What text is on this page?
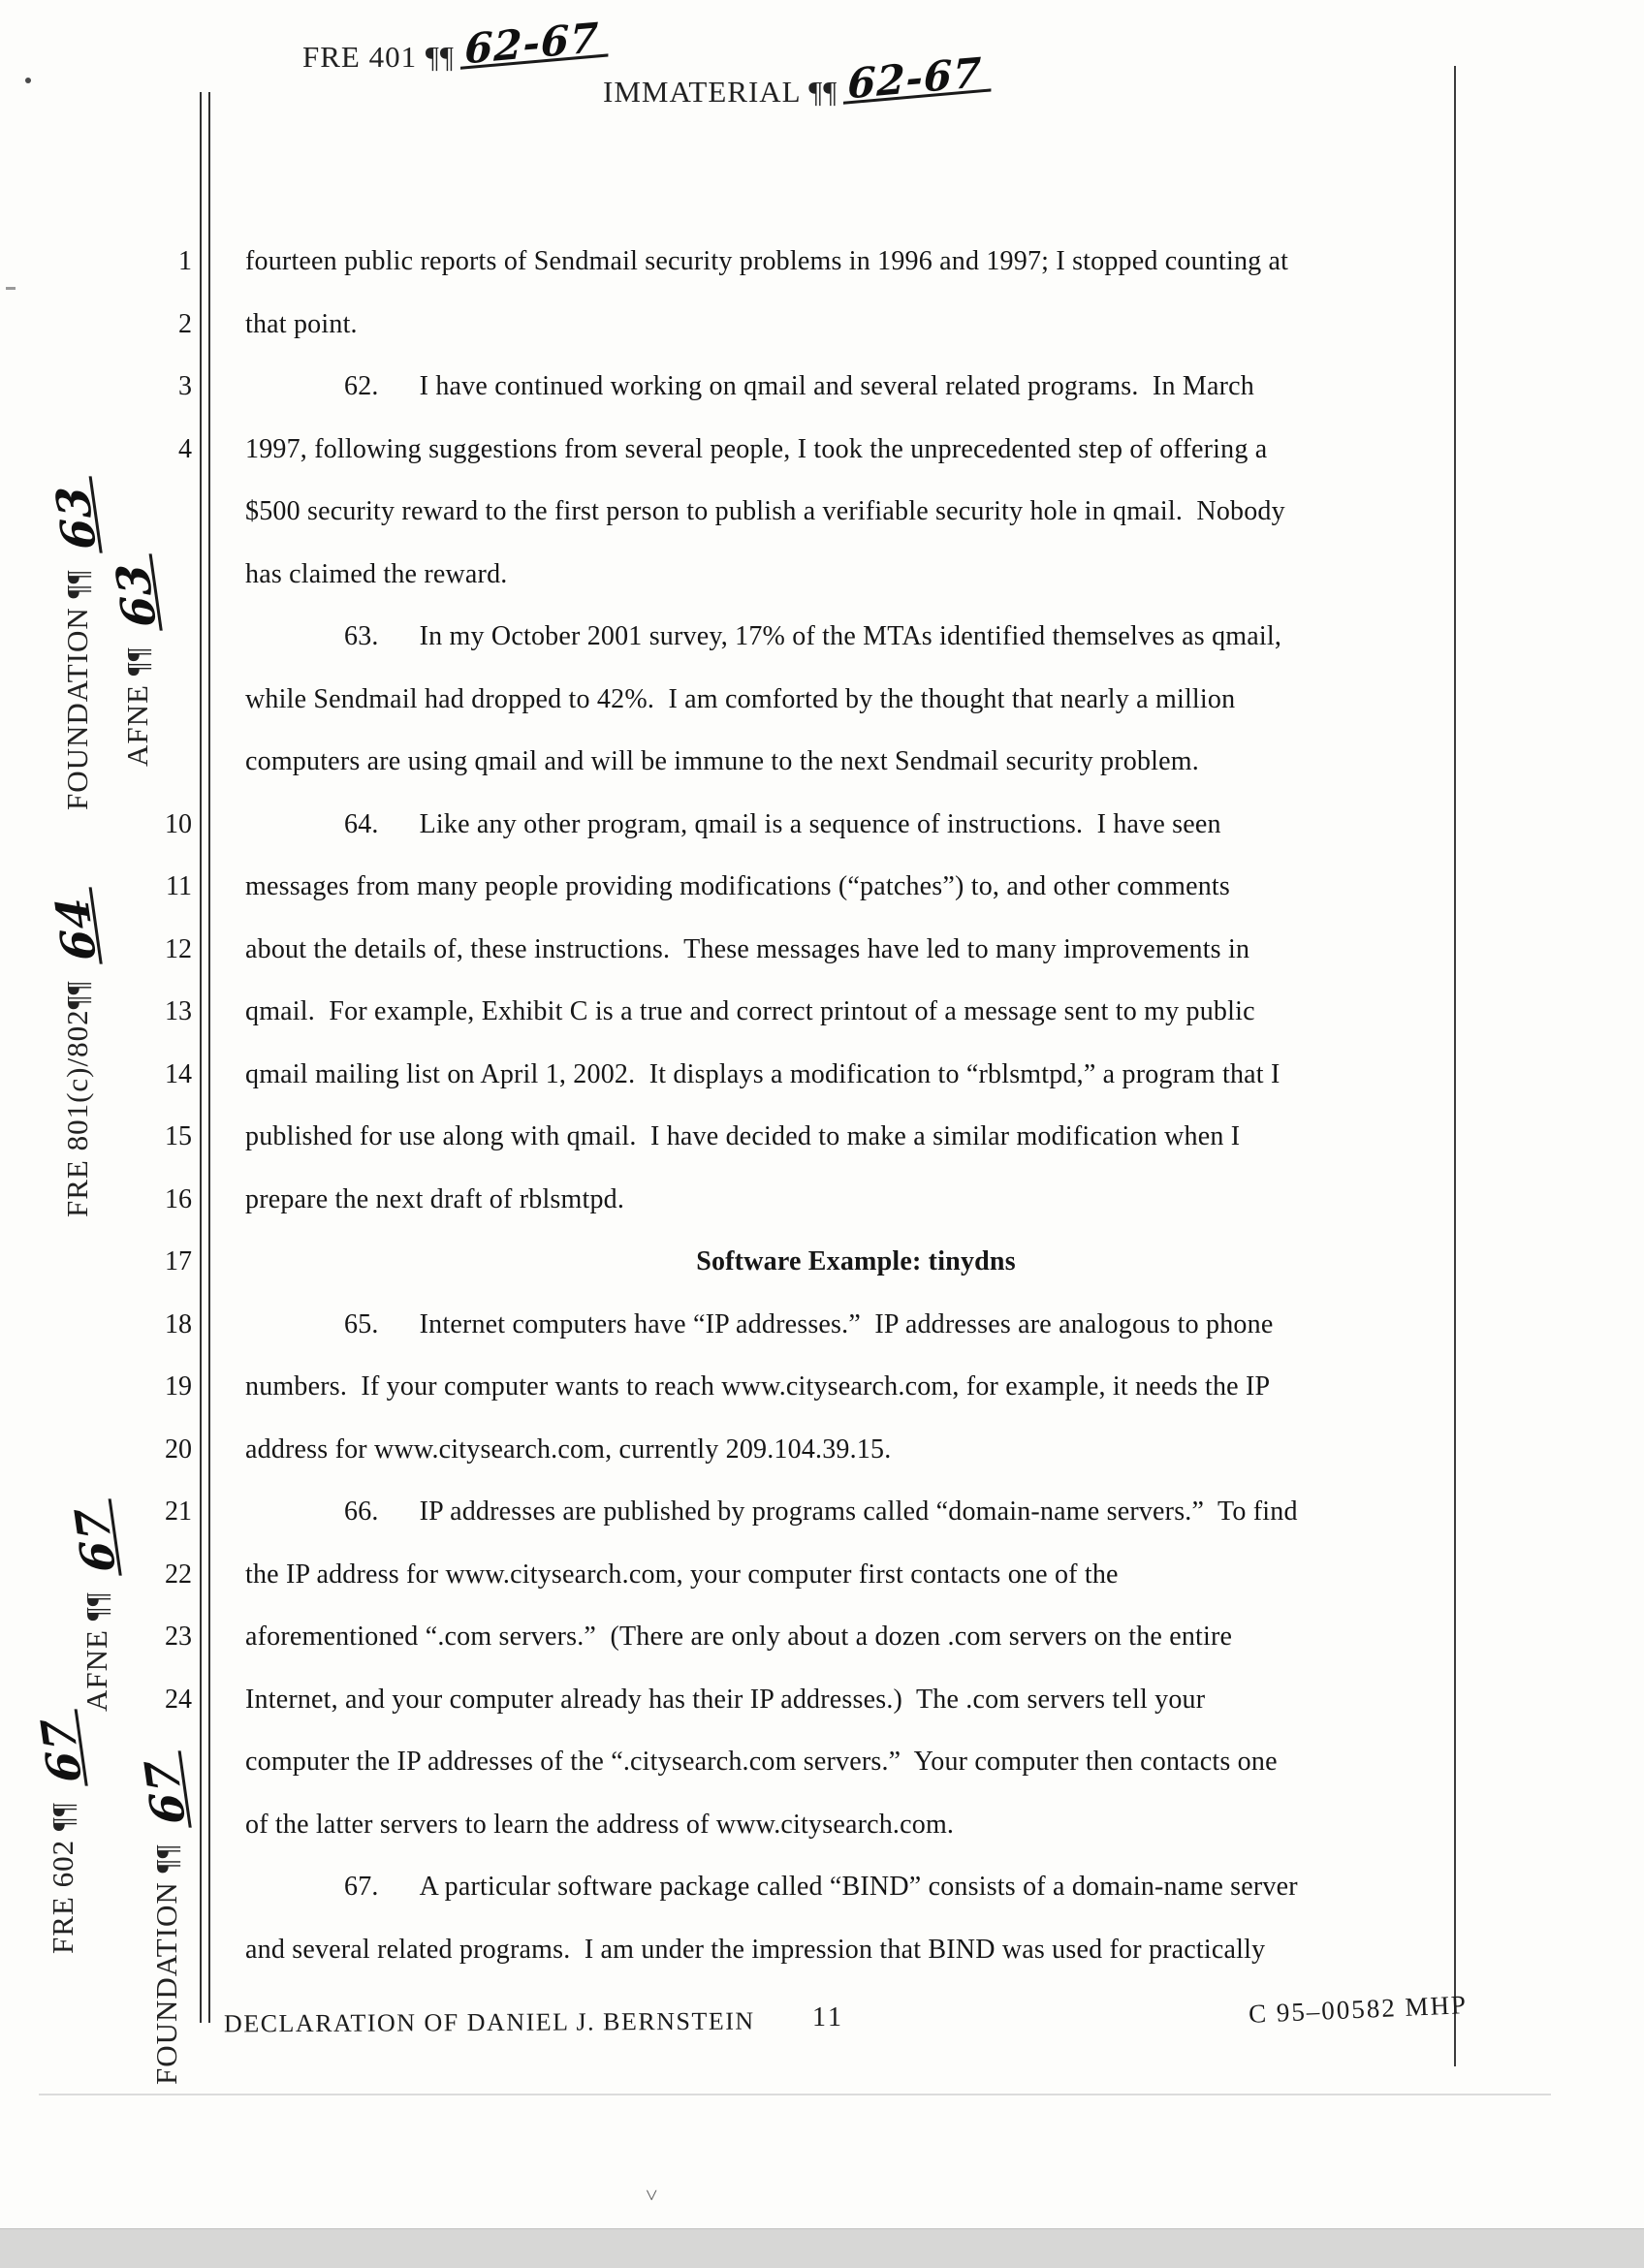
FRE 401 ¶¶ 62-67
IMMATERIAL ¶¶ 62-67
FOUNDATION ¶¶
63
AFNE ¶¶
63
FRE 801(c)/802¶¶
64
AFNE ¶¶
67
FRE 602 ¶¶
67
FOUNDATION ¶¶
67
1
2
3
4
10
11
12
13
14
15
16
17
18
19
20
21
22
23
24
fourteen public reports of Sendmail security problems in 1996 and 1997; I stopped counting at
that point.
62. I have continued working on qmail and several related programs.  In March
1997, following suggestions from several people, I took the unprecedented step of offering a
$500 security reward to the first person to publish a verifiable security hole in qmail.  Nobody
has claimed the reward.
63. In my October 2001 survey, 17% of the MTAs identified themselves as qmail,
while Sendmail had dropped to 42%.  I am comforted by the thought that nearly a million
computers are using qmail and will be immune to the next Sendmail security problem.
64. Like any other program, qmail is a sequence of instructions.  I have seen
messages from many people providing modifications (“patches”) to, and other comments
about the details of, these instructions.  These messages have led to many improvements in
qmail.  For example, Exhibit C is a true and correct printout of a message sent to my public
qmail mailing list on April 1, 2002.  It displays a modification to “rblsmtpd,” a program that I
published for use along with qmail.  I have decided to make a similar modification when I
prepare the next draft of rblsmtpd.
Software Example: tinydns
65. Internet computers have “IP addresses.”  IP addresses are analogous to phone
numbers.  If your computer wants to reach www.citysearch.com, for example, it needs the IP
address for www.citysearch.com, currently 209.104.39.15.
66. IP addresses are published by programs called “domain-name servers.”  To find
the IP address for www.citysearch.com, your computer first contacts one of the
aforementioned “.com servers.”  (There are only about a dozen .com servers on the entire
Internet, and your computer already has their IP addresses.)  The .com servers tell your
computer the IP addresses of the “.citysearch.com servers.”  Your computer then contacts one
of the latter servers to learn the address of www.citysearch.com.
67. A particular software package called “BIND” consists of a domain-name server
and several related programs.  I am under the impression that BIND was used for practically
DECLARATION OF DANIEL J. BERNSTEIN 11	C 95–00582 MHP
˅
